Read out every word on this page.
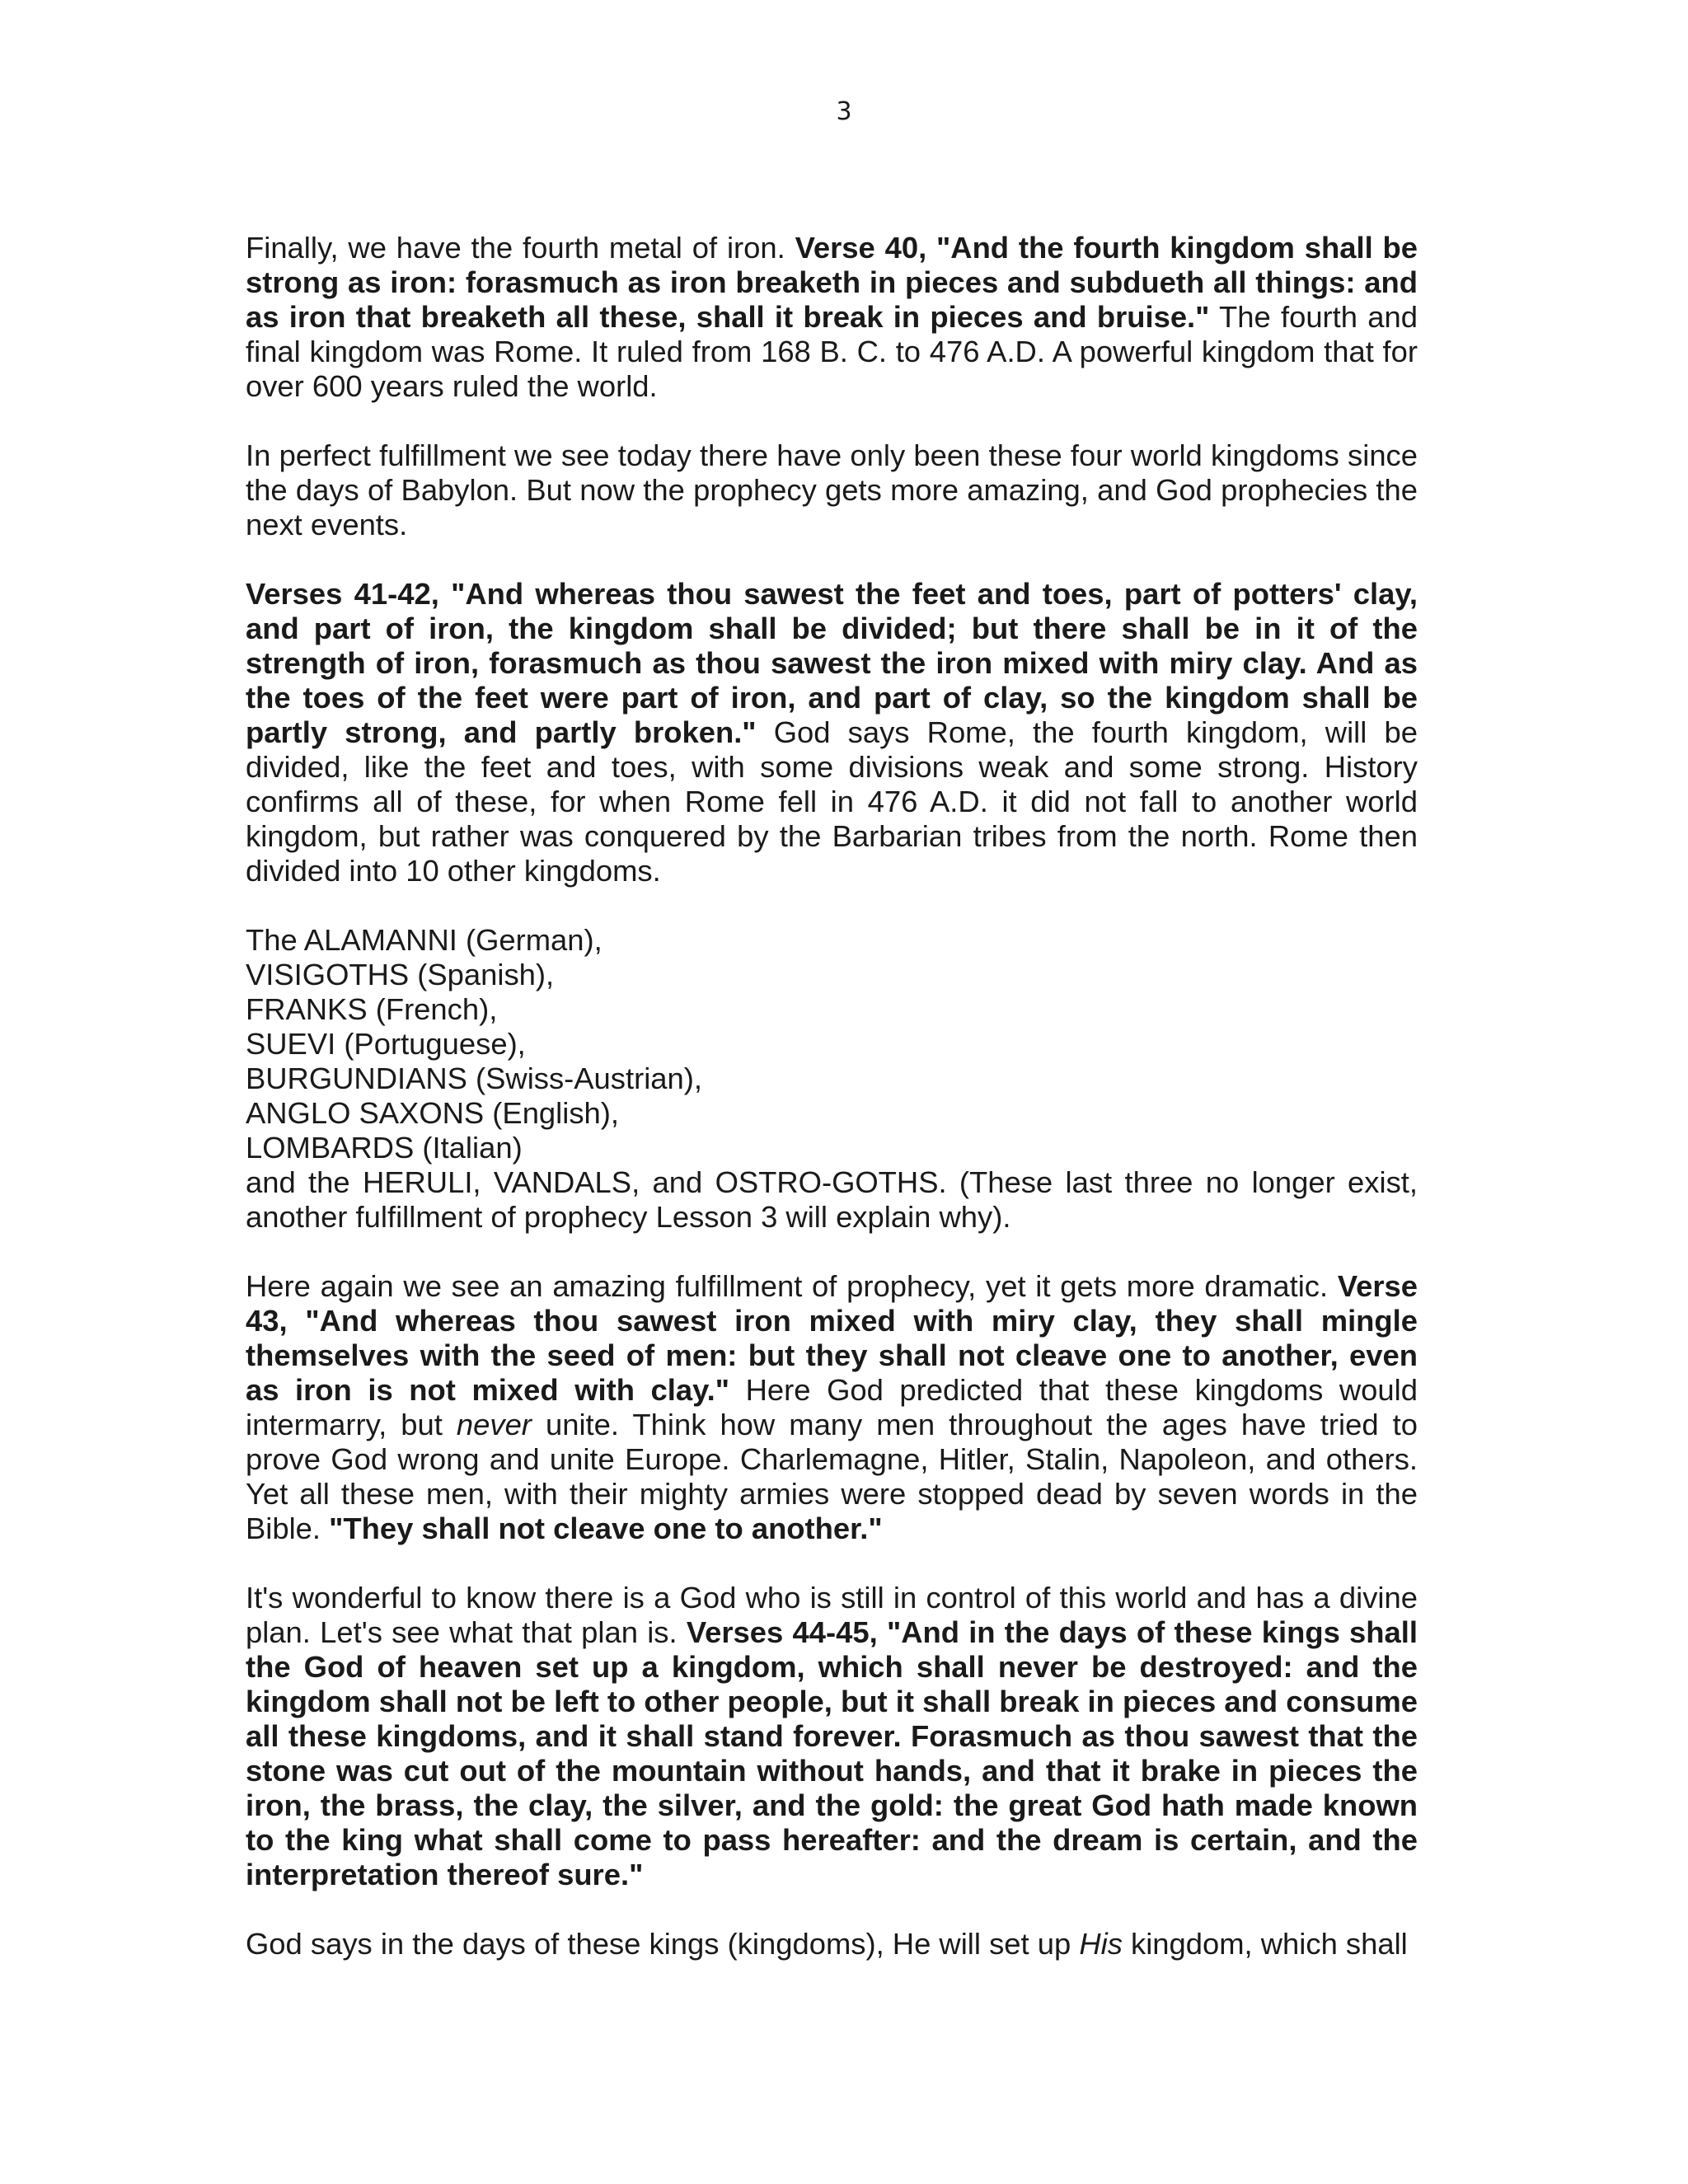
3

Finally, we have the fourth metal of iron. Verse 40, "And the fourth kingdom shall be strong as iron: forasmuch as iron breaketh in pieces and subdueth all things: and as iron that breaketh all these, shall it break in pieces and bruise." The fourth and final kingdom was Rome. It ruled from 168 B. C. to 476 A.D. A powerful kingdom that for over 600 years ruled the world.

In perfect fulfillment we see today there have only been these four world kingdoms since the days of Babylon. But now the prophecy gets more amazing, and God prophecies the next events.

Verses 41-42, "And whereas thou sawest the feet and toes, part of potters' clay, and part of iron, the kingdom shall be divided; but there shall be in it of the strength of iron, forasmuch as thou sawest the iron mixed with miry clay. And as the toes of the feet were part of iron, and part of clay, so the kingdom shall be partly strong, and partly broken." God says Rome, the fourth kingdom, will be divided, like the feet and toes, with some divisions weak and some strong. History confirms all of these, for when Rome fell in 476 A.D. it did not fall to another world kingdom, but rather was conquered by the Barbarian tribes from the north. Rome then divided into 10 other kingdoms.

The ALAMANNI (German),
VISIGOTHS (Spanish),
FRANKS (French),
SUEVI (Portuguese),
BURGUNDIANS (Swiss-Austrian),
ANGLO SAXONS (English),
LOMBARDS (Italian)

and the HERULI, VANDALS, and OSTRO-GOTHS. (These last three no longer exist, another fulfillment of prophecy Lesson 3 will explain why).

Here again we see an amazing fulfillment of prophecy, yet it gets more dramatic. Verse 43, "And whereas thou sawest iron mixed with miry clay, they shall mingle themselves with the seed of men: but they shall not cleave one to another, even as iron is not mixed with clay." Here God predicted that these kingdoms would intermarry, but never unite. Think how many men throughout the ages have tried to prove God wrong and unite Europe. Charlemagne, Hitler, Stalin, Napoleon, and others. Yet all these men, with their mighty armies were stopped dead by seven words in the Bible. "They shall not cleave one to another."

It's wonderful to know there is a God who is still in control of this world and has a divine plan. Let's see what that plan is. Verses 44-45, "And in the days of these kings shall the God of heaven set up a kingdom, which shall never be destroyed: and the kingdom shall not be left to other people, but it shall break in pieces and consume all these kingdoms, and it shall stand forever. Forasmuch as thou sawest that the stone was cut out of the mountain without hands, and that it brake in pieces the iron, the brass, the clay, the silver, and the gold: the great God hath made known to the king what shall come to pass hereafter: and the dream is certain, and the interpretation thereof sure."

God says in the days of these kings (kingdoms), He will set up His kingdom, which shall
